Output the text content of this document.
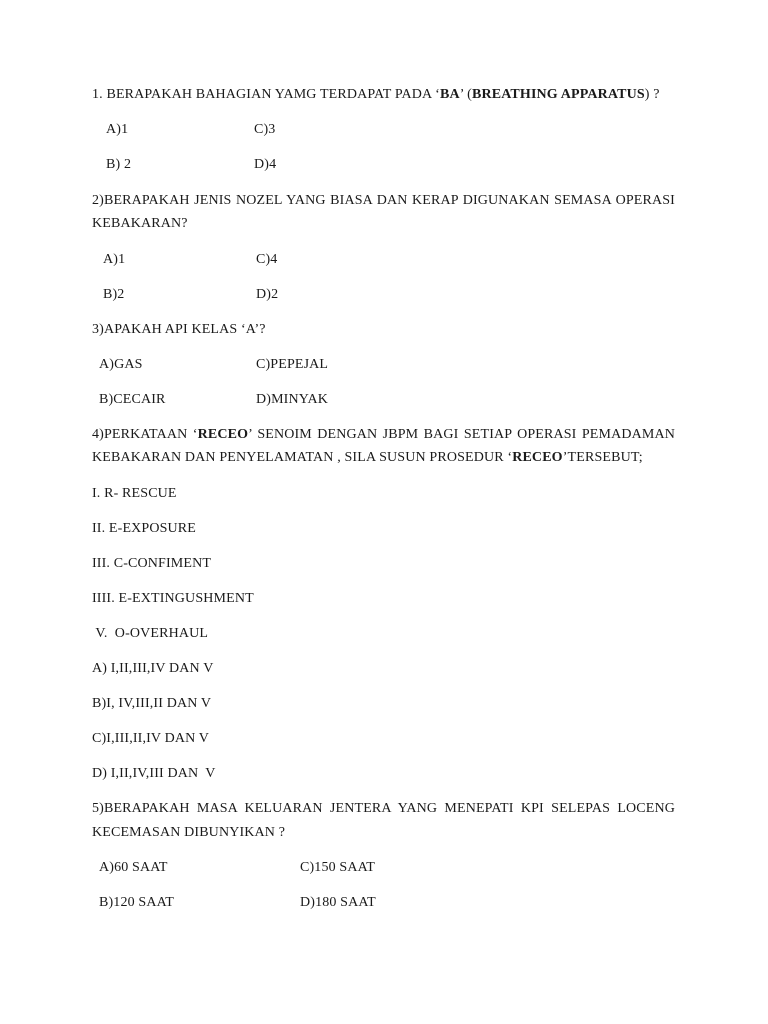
1. BERAPAKAH BAHAGIAN YAMG TERDAPAT PADA ‘BA’ (BREATHING APPARATUS) ?
A)1	C)3
B) 2	D)4
2)BERAPAKAH JENIS NOZEL YANG BIASA DAN KERAP DIGUNAKAN SEMASA OPERASI
KEBAKARAN?
A)1	C)4
B)2	D)2
3)APAKAH API KELAS ‘A’?
A)GAS	C)PEPEJAL
B)CECAIR	D)MINYAK
4)PERKATAAN ‘RECEO’ SENOIM DENGAN JBPM BAGI SETIAP OPERASI PEMADAMAN
KEBAKARAN DAN PENYELAMATAN , SILA SUSUN PROSEDUR ‘RECEO’TERSEBUT;
I. R- RESCUE
II. E-EXPOSURE
III. C-CONFIMENT
IIII. E-EXTINGUSHMENT
V.  O-OVERHAUL
A) I,II,III,IV DAN V
B)I, IV,III,II DAN V
C)I,III,II,IV DAN V
D) I,II,IV,III DAN  V
5)BERAPAKAH MASA KELUARAN JENTERA YANG MENEPATI KPI SELEPAS LOCENG
KECEMASAN DIBUNYIKAN ?
A)60 SAAT	C)150 SAAT
B)120 SAAT	D)180 SAAT
